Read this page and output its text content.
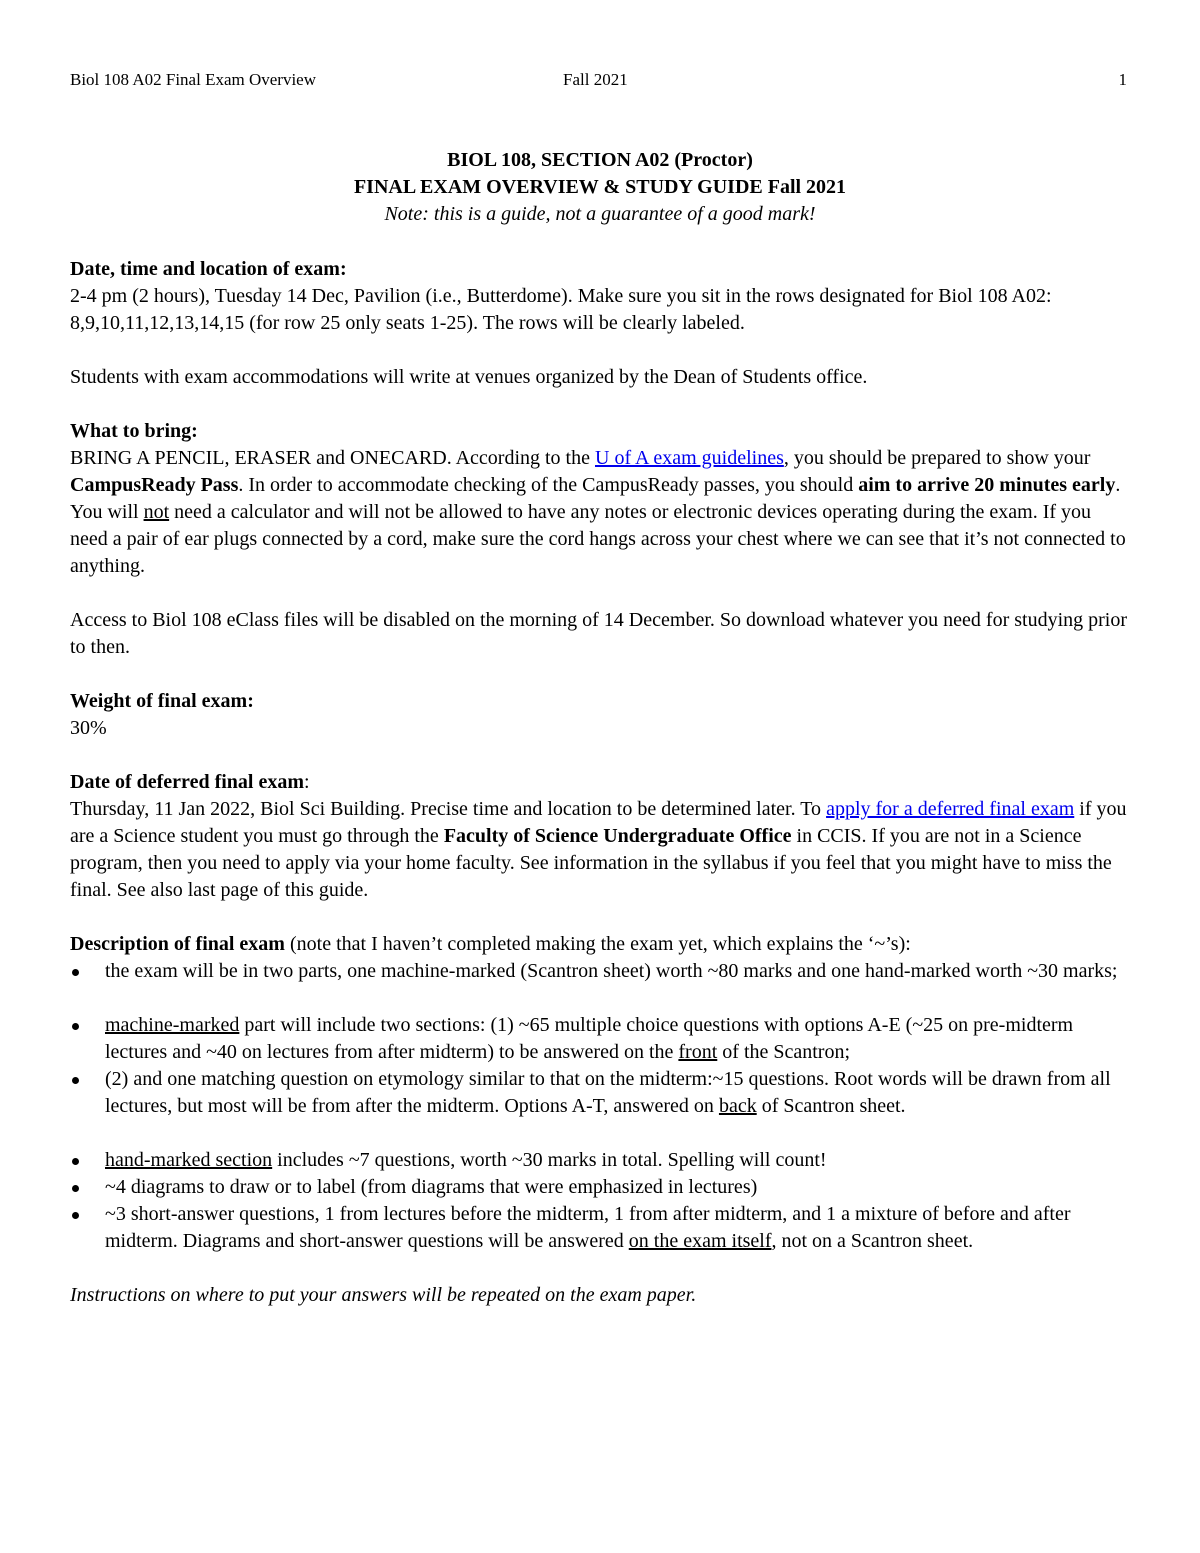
Biol 108 A02 Final Exam Overview	Fall 2021	1
BIOL 108, SECTION A02 (Proctor)
FINAL EXAM OVERVIEW & STUDY GUIDE Fall 2021
Note: this is a guide, not a guarantee of a good mark!

Date, time and location of exam:

2-4 pm (2 hours), Tuesday 14 Dec, Pavilion (i.e., Butterdome). Make sure you sit in the rows designated for Biol 108 A02: 8,9,10,11,12,13,14,15 (for row 25 only seats 1-25). The rows will be clearly labeled.

Students with exam accommodations will write at venues organized by the Dean of Students office.

What to bring:

BRING A PENCIL, ERASER and ONECARD. According to the U of A exam guidelines, you should be prepared to show your CampusReady Pass. In order to accommodate checking of the CampusReady passes, you should aim to arrive 20 minutes early. You will not need a calculator and will not be allowed to have any notes or electronic devices operating during the exam. If you need a pair of ear plugs connected by a cord, make sure the cord hangs across your chest where we can see that it’s not connected to anything.

Access to Biol 108 eClass files will be disabled on the morning of 14 December. So download whatever you need for studying prior to then.

Weight of final exam:

30%

Date of deferred final exam:

Thursday, 11 Jan 2022, Biol Sci Building. Precise time and location to be determined later. To apply for a deferred final exam if you are a Science student you must go through the Faculty of Science Undergraduate Office in CCIS. If you are not in a Science program, then you need to apply via your home faculty. See information in the syllabus if you feel that you might have to miss the final. See also last page of this guide.

Description of final exam (note that I haven’t completed making the exam yet, which explains the ‘~’s):

the exam will be in two parts, one machine-marked (Scantron sheet) worth ~80 marks and one hand-marked worth ~30 marks;
machine-marked part will include two sections: (1) ~65 multiple choice questions with options A-E (~25 on pre-midterm lectures and ~40 on lectures from after midterm) to be answered on the front of the Scantron;
(2) and one matching question on etymology similar to that on the midterm:~15 questions. Root words will be drawn from all lectures, but most will be from after the midterm. Options A-T, answered on back of Scantron sheet.
hand-marked section includes ~7 questions, worth ~30 marks in total. Spelling will count!
~4 diagrams to draw or to label (from diagrams that were emphasized in lectures)
~3 short-answer questions, 1 from lectures before the midterm, 1 from after midterm, and 1 a mixture of before and after midterm. Diagrams and short-answer questions will be answered on the exam itself, not on a Scantron sheet.

Instructions on where to put your answers will be repeated on the exam paper.
